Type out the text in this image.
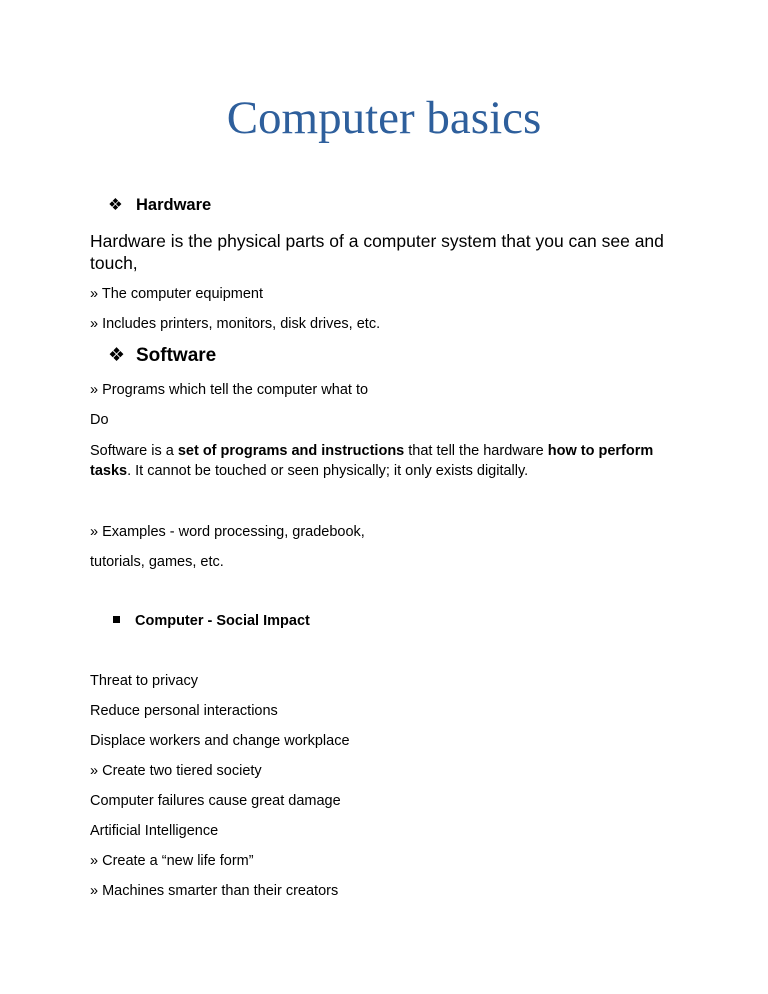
Computer basics
❖ Hardware
Hardware is the physical parts of a computer system that you can see and touch,
» The computer equipment
» Includes printers, monitors, disk drives, etc.
❖ Software
» Programs which tell the computer what to
Do
Software is a set of programs and instructions that tell the hardware how to perform tasks. It cannot be touched or seen physically; it only exists digitally.
» Examples - word processing, gradebook,
tutorials, games, etc.
Computer - Social Impact
Threat to privacy
Reduce personal interactions
Displace workers and change workplace
» Create two tiered society
Computer failures cause great damage
Artificial Intelligence
» Create a “new life form”
» Machines smarter than their creators
